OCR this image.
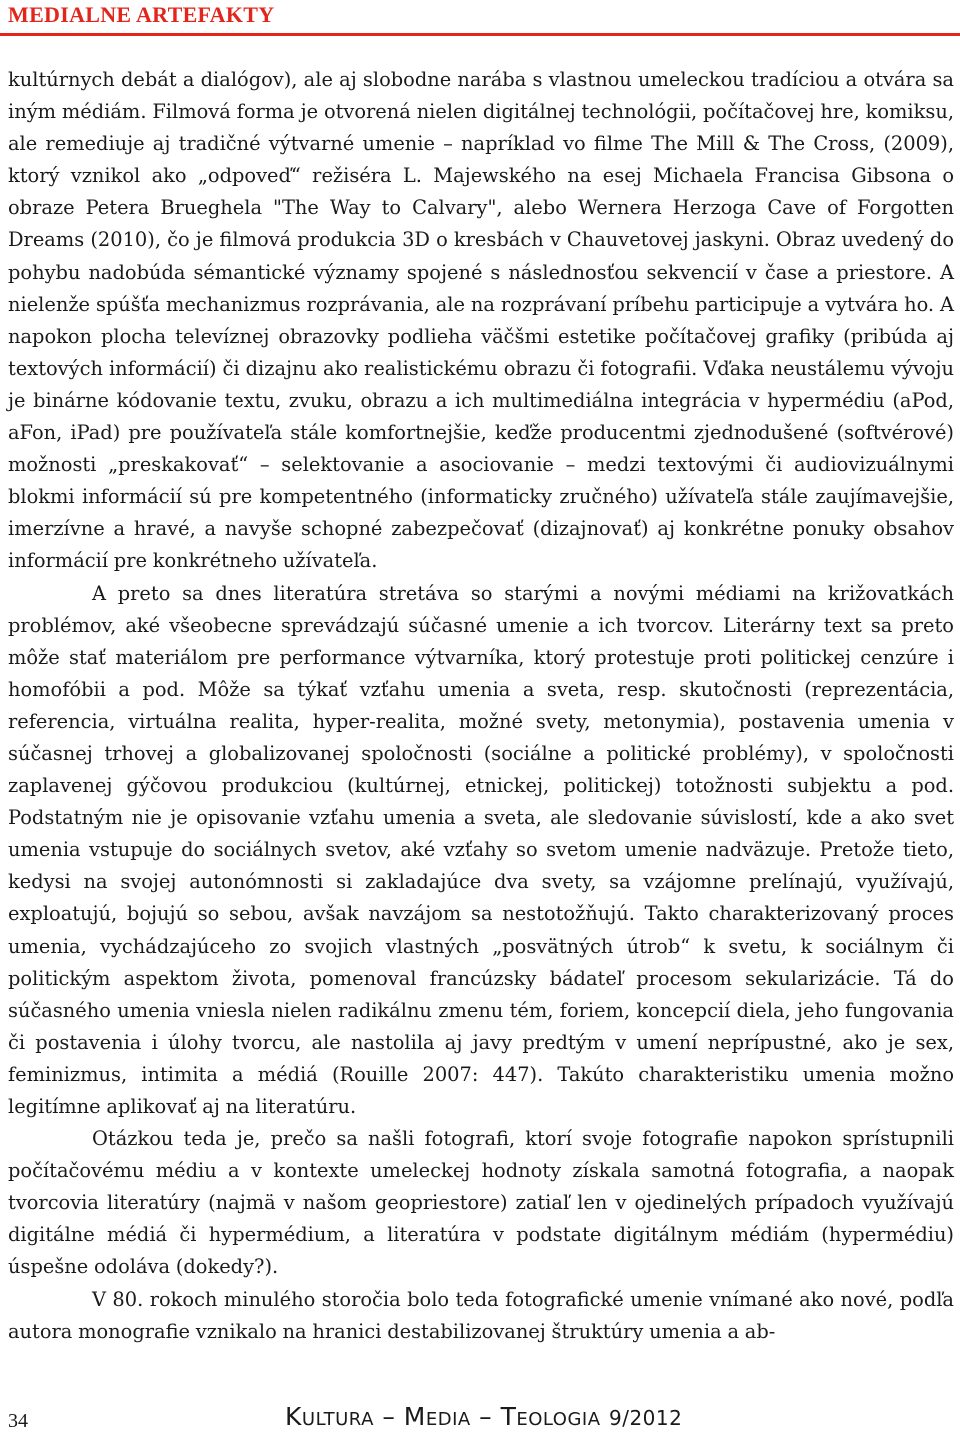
MEDIALNE ARTEFAKTY

kultúrnych debát a dialógov), ale aj slobodne narába s vlastnou umeleckou tradíciou a otvára sa iným médiám. Filmová forma je otvorená nielen digitálnej technológii, počítačovej hre, komiksu, ale remediuje aj tradičné výtvarné umenie – napríklad vo filme The Mill & The Cross, (2009), ktorý vznikol ako „odpoveď“ režiséra L. Majewského na esej Michaela Francisa Gibsona o obraze Petera Brueghela "The Way to Calvary", alebo Wernera Herzoga Cave of Forgotten Dreams (2010), čo je filmová produkcia 3D o kresbách v Chauvetovej jaskyni. Obraz uvedený do pohybu nadobúda sémantické významy spojené s následnosťou sekvencií v čase a priestore. A nielenže spúšťa mechanizmus rozprávania, ale na rozprávaní príbehu participuje a vytvára ho. A napokon plocha televíznej obrazovky podlieha väčšmi estetike počítačovej grafiky (pribúda aj textových informácií) či dizajnu ako realistickému obrazu či fotografii. Vďaka neustálemu vývoju je binárne kódovanie textu, zvuku, obrazu a ich multimediálna integrácia v hypermédiu (aPod, aFon, iPad) pre používateľa stále komfortnejšie, keďže producentmi zjednodušené (softvérové) možnosti „preskakovať“ – selektovanie a asociovanie – medzi textovými či audiovizuálnymi blokmi informácií sú pre kompetentného (informaticky zručného) užívateľa stále zaujímavejšie, imerzívne a hravé, a navyše schopné zabezpečovať (dizajnovať) aj konkrétne ponuky obsahov informácií pre konkrétneho užívateľa.

A preto sa dnes literatúra stretáva so starými a novými médiami na križovatkách problémov, aké všeobecne sprevádzajú súčasné umenie a ich tvorcov. Literárny text sa preto môže stať materiálom pre performance výtvarníka, ktorý protestuje proti politickej cenzúre i homofóbii a pod. Môže sa týkať vzťahu umenia a sveta, resp. skutočnosti (reprezentácia, referencia, virtuálna realita, hyper-realita, možné svety, metonymia), postavenia umenia v súčasnej trhovej a globalizovanej spoločnosti (sociálne a politické problémy), v spoločnosti zaplavenej gýčovou produkciou (kultúrnej, etnickej, politickej) totožnosti subjektu a pod. Podstatným nie je opisovanie vzťahu umenia a sveta, ale sledovanie súvislostí, kde a ako svet umenia vstupuje do sociálnych svetov, aké vzťahy so svetom umenie nadväzuje. Pretože tieto, kedysi na svojej autonómnosti si zakladajúce dva svety, sa vzájomne prelínajú, využívajú, exploatujú, bojujú so sebou, avšak navzájom sa nestotožňujú. Takto charakterizovaný proces umenia, vychádzajúceho zo svojich vlastných „posvätných útrob“ k svetu, k sociálnym či politickým aspektom života, pomenoval francúzsky bádateľ procesom sekularizácie. Tá do súčasného umenia vniesla nielen radikálnu zmenu tém, foriem, koncepcií diela, jeho fungovania či postavenia i úlohy tvorcu, ale nastolila aj javy predtým v umení neprípustné, ako je sex, feminizmus, intimita a médiá (Rouille 2007: 447). Takúto charakteristiku umenia možno legitímne aplikovať aj na literatúru.

Otázkou teda je, prečo sa našli fotografi, ktorí svoje fotografie napokon sprístupnili počítačovému médiu a v kontexte umeleckej hodnoty získala samotná fotografia, a naopak tvorcovia literatúry (najmä v našom geopriestore) zatiaľ len v ojedinelých prípadoch využívajú digitálne médiá či hypermédium, a literatúra v podstate digitálnym médiám (hypermédiu) úspešne odoláva (dokedy?).

V 80. rokoch minulého storočia bolo teda fotografické umenie vnímané ako nové, podľa autora monografie vznikalo na hranici destabilizovanej štruktúry umenia a ab-

34	Kultura – Media – Teologia 9/2012
